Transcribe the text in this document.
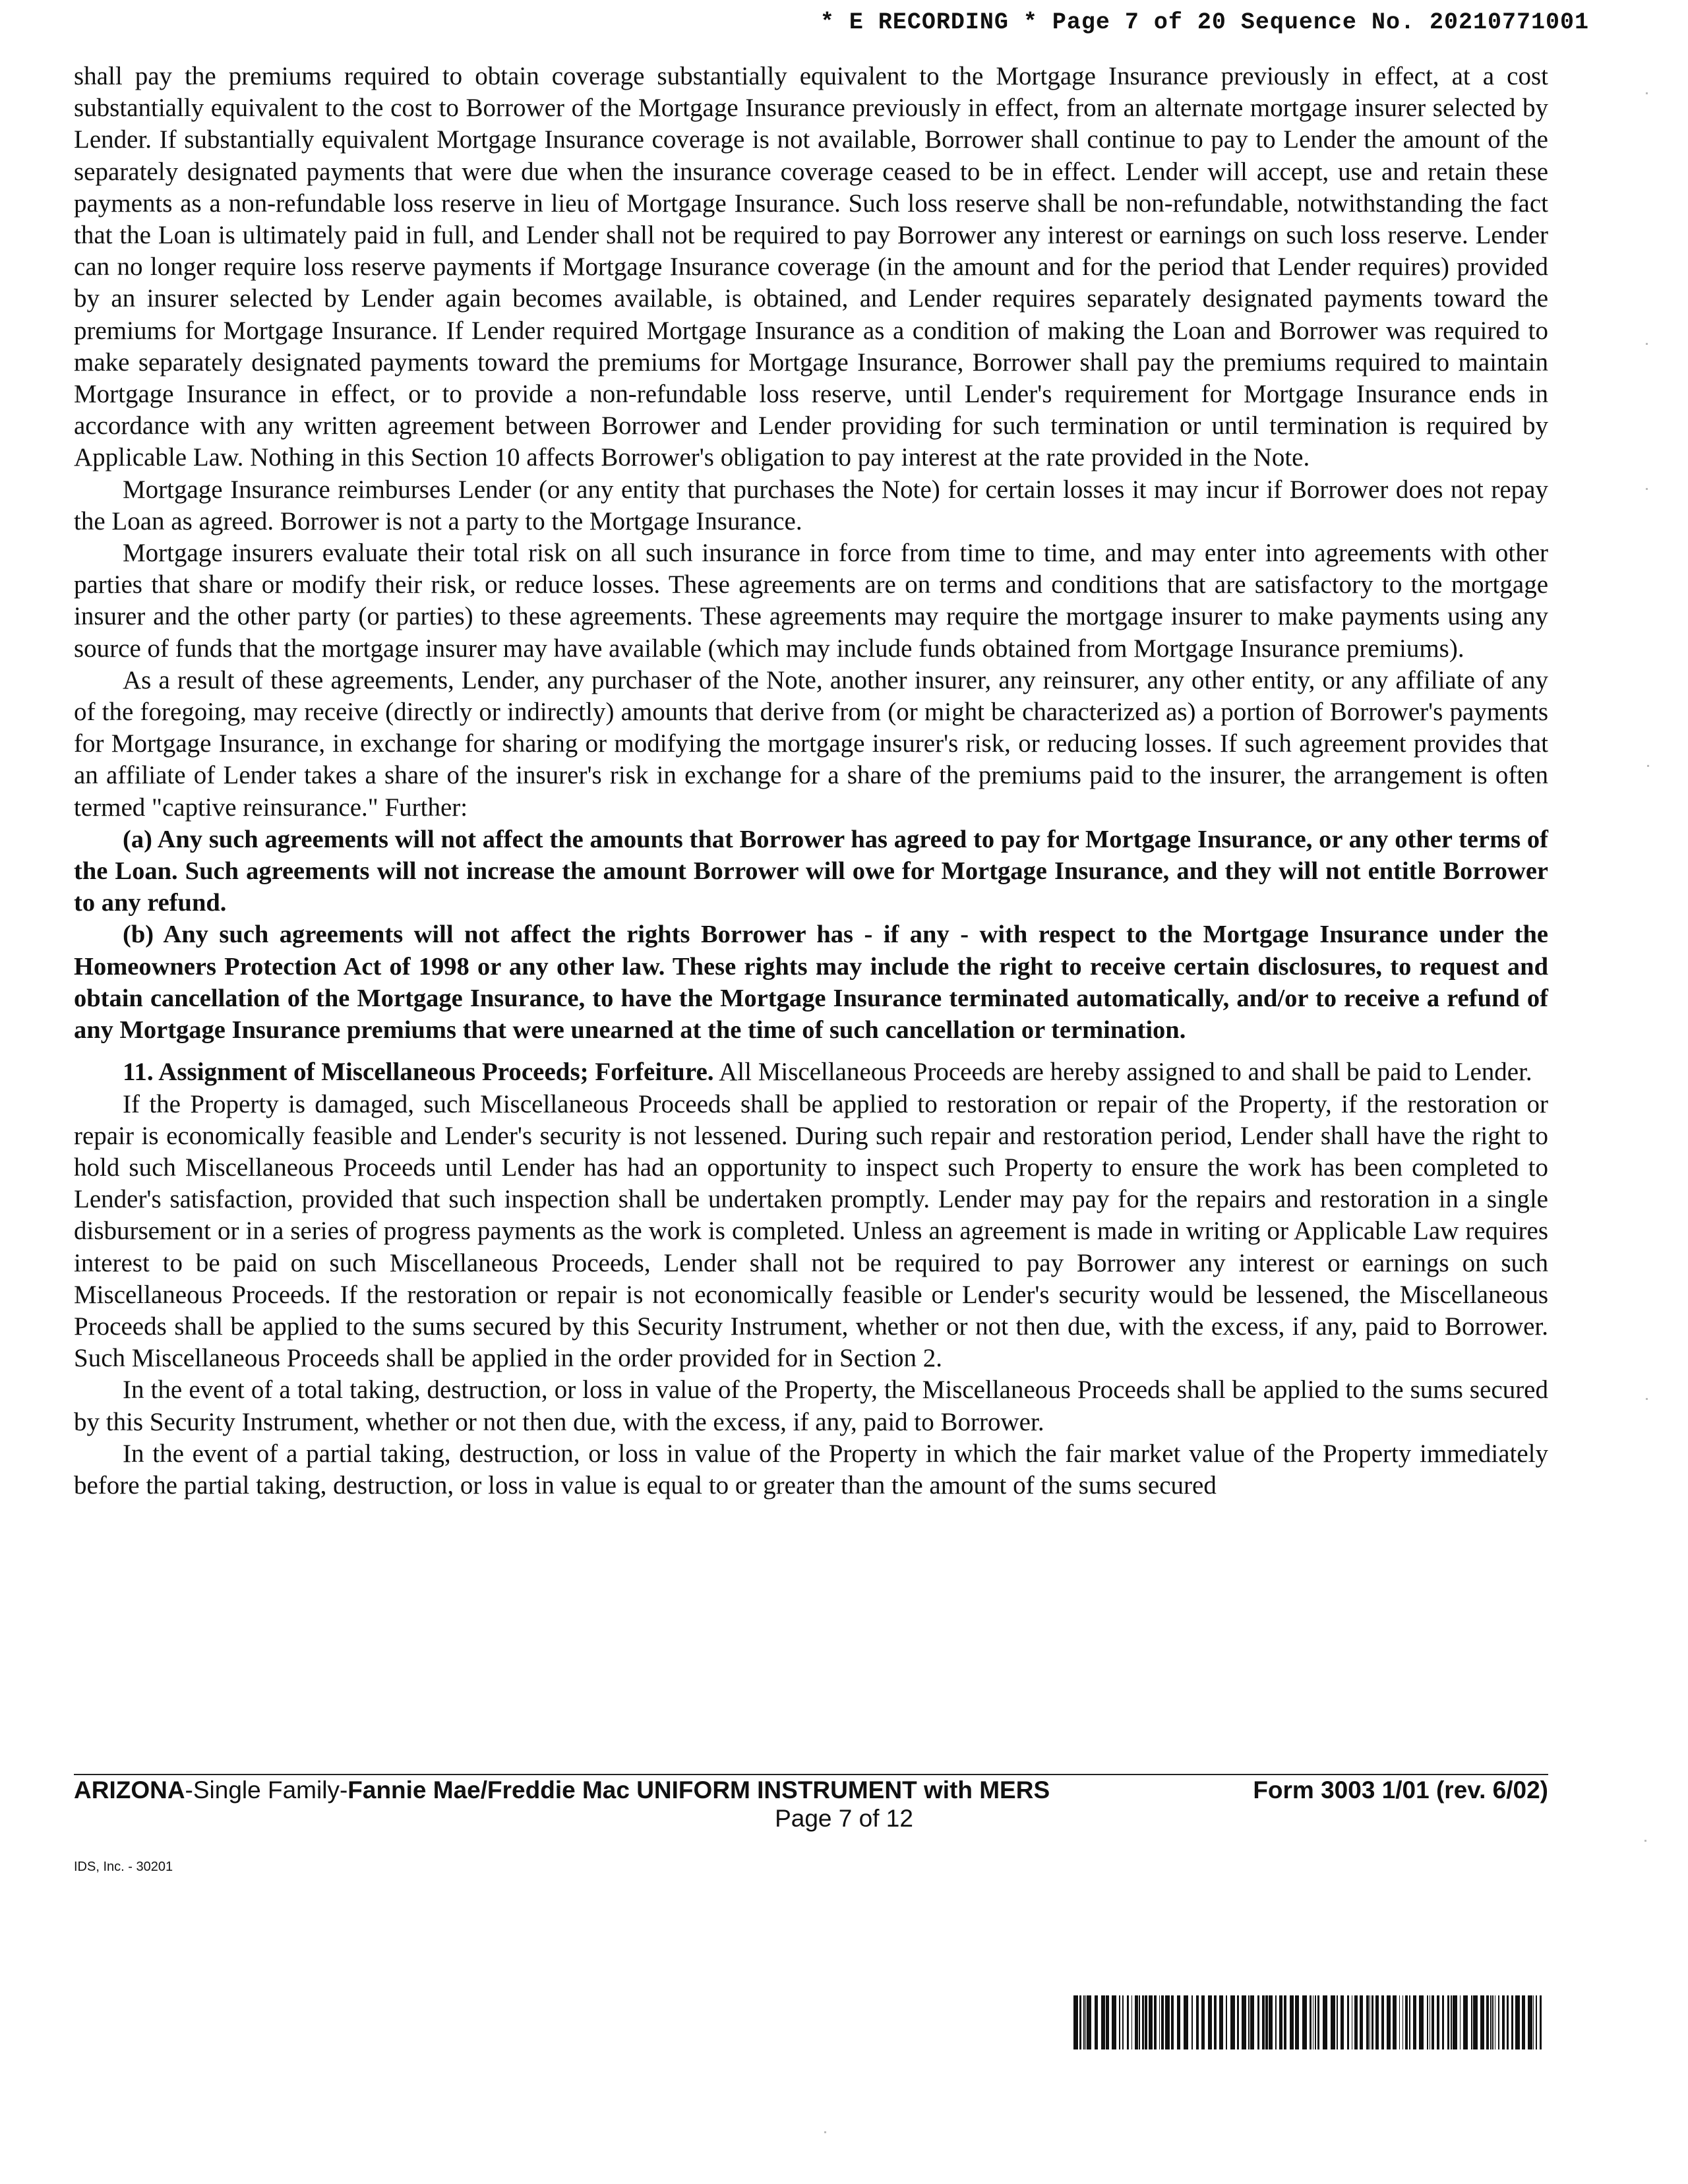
* E RECORDING * Page 7 of 20 Sequence No. 20210771001

shall pay the premiums required to obtain coverage substantially equivalent to the Mortgage Insurance previously in effect, at a cost substantially equivalent to the cost to Borrower of the Mortgage Insurance previously in effect, from an alternate mortgage insurer selected by Lender. If substantially equivalent Mortgage Insurance coverage is not available, Borrower shall continue to pay to Lender the amount of the separately designated payments that were due when the insurance coverage ceased to be in effect. Lender will accept, use and retain these payments as a non-refundable loss reserve in lieu of Mortgage Insurance. Such loss reserve shall be non-refundable, notwithstanding the fact that the Loan is ultimately paid in full, and Lender shall not be required to pay Borrower any interest or earnings on such loss reserve. Lender can no longer require loss reserve payments if Mortgage Insurance coverage (in the amount and for the period that Lender requires) provided by an insurer selected by Lender again becomes available, is obtained, and Lender requires separately designated payments toward the premiums for Mortgage Insurance. If Lender required Mortgage Insurance as a condition of making the Loan and Borrower was required to make separately designated payments toward the premiums for Mortgage Insurance, Borrower shall pay the premiums required to maintain Mortgage Insurance in effect, or to provide a non-refundable loss reserve, until Lender's requirement for Mortgage Insurance ends in accordance with any written agreement between Borrower and Lender providing for such termination or until termination is required by Applicable Law. Nothing in this Section 10 affects Borrower's obligation to pay interest at the rate provided in the Note.

Mortgage Insurance reimburses Lender (or any entity that purchases the Note) for certain losses it may incur if Borrower does not repay the Loan as agreed. Borrower is not a party to the Mortgage Insurance.

Mortgage insurers evaluate their total risk on all such insurance in force from time to time, and may enter into agreements with other parties that share or modify their risk, or reduce losses. These agreements are on terms and conditions that are satisfactory to the mortgage insurer and the other party (or parties) to these agreements. These agreements may require the mortgage insurer to make payments using any source of funds that the mortgage insurer may have available (which may include funds obtained from Mortgage Insurance premiums).

As a result of these agreements, Lender, any purchaser of the Note, another insurer, any reinsurer, any other entity, or any affiliate of any of the foregoing, may receive (directly or indirectly) amounts that derive from (or might be characterized as) a portion of Borrower's payments for Mortgage Insurance, in exchange for sharing or modifying the mortgage insurer's risk, or reducing losses. If such agreement provides that an affiliate of Lender takes a share of the insurer's risk in exchange for a share of the premiums paid to the insurer, the arrangement is often termed "captive reinsurance." Further:

(a) Any such agreements will not affect the amounts that Borrower has agreed to pay for Mortgage Insurance, or any other terms of the Loan. Such agreements will not increase the amount Borrower will owe for Mortgage Insurance, and they will not entitle Borrower to any refund.

(b) Any such agreements will not affect the rights Borrower has - if any - with respect to the Mortgage Insurance under the Homeowners Protection Act of 1998 or any other law. These rights may include the right to receive certain disclosures, to request and obtain cancellation of the Mortgage Insurance, to have the Mortgage Insurance terminated automatically, and/or to receive a refund of any Mortgage Insurance premiums that were unearned at the time of such cancellation or termination.

11. Assignment of Miscellaneous Proceeds; Forfeiture. All Miscellaneous Proceeds are hereby assigned to and shall be paid to Lender.

If the Property is damaged, such Miscellaneous Proceeds shall be applied to restoration or repair of the Property, if the restoration or repair is economically feasible and Lender's security is not lessened. During such repair and restoration period, Lender shall have the right to hold such Miscellaneous Proceeds until Lender has had an opportunity to inspect such Property to ensure the work has been completed to Lender's satisfaction, provided that such inspection shall be undertaken promptly. Lender may pay for the repairs and restoration in a single disbursement or in a series of progress payments as the work is completed. Unless an agreement is made in writing or Applicable Law requires interest to be paid on such Miscellaneous Proceeds, Lender shall not be required to pay Borrower any interest or earnings on such Miscellaneous Proceeds. If the restoration or repair is not economically feasible or Lender's security would be lessened, the Miscellaneous Proceeds shall be applied to the sums secured by this Security Instrument, whether or not then due, with the excess, if any, paid to Borrower. Such Miscellaneous Proceeds shall be applied in the order provided for in Section 2.

In the event of a total taking, destruction, or loss in value of the Property, the Miscellaneous Proceeds shall be applied to the sums secured by this Security Instrument, whether or not then due, with the excess, if any, paid to Borrower.

In the event of a partial taking, destruction, or loss in value of the Property in which the fair market value of the Property immediately before the partial taking, destruction, or loss in value is equal to or greater than the amount of the sums secured

ARIZONA-Single Family-Fannie Mae/Freddie Mac UNIFORM INSTRUMENT with MERS	Form 3003 1/01 (rev. 6/02)
Page 7 of 12
IDS, Inc. - 30201
